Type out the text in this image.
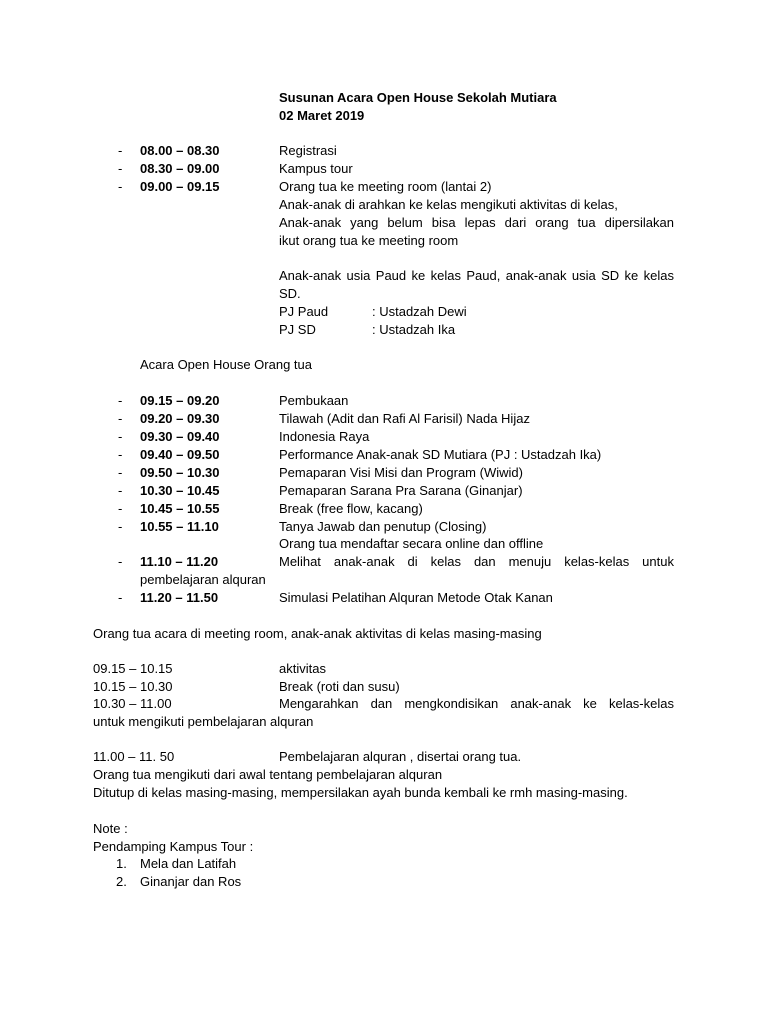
Susunan Acara Open House Sekolah Mutiara
02 Maret 2019
- 08.00 – 08.30	Registrasi
- 08.30 – 09.00	Kampus tour
- 09.00 – 09.15	Orang tua ke meeting room (lantai 2)
Anak-anak di arahkan ke kelas mengikuti aktivitas di kelas,
Anak-anak yang belum bisa lepas dari orang tua dipersilakan
ikut orang tua ke meeting room
Anak-anak usia Paud ke kelas Paud, anak-anak usia SD ke kelas
SD.
PJ Paud	: Ustadzah Dewi
PJ SD	: Ustadzah Ika
Acara Open House Orang tua
- 09.15 – 09.20	Pembukaan
- 09.20 – 09.30	Tilawah (Adit dan Rafi Al Farisil) Nada Hijaz
- 09.30 – 09.40	Indonesia Raya
- 09.40 – 09.50	Performance Anak-anak SD Mutiara (PJ : Ustadzah Ika)
- 09.50 – 10.30	Pemaparan Visi Misi dan Program (Wiwid)
- 10.30 – 10.45	Pemaparan Sarana Pra Sarana (Ginanjar)
- 10.45 – 10.55	Break (free flow, kacang)
- 10.55 – 11.10	Tanya Jawab dan penutup (Closing)
Orang tua mendaftar secara online dan offline
- 11.10 – 11.20	Melihat anak-anak di kelas dan menuju kelas-kelas untuk
pembelajaran alquran
- 11.20 – 11.50	Simulasi Pelatihan Alquran Metode Otak Kanan
Orang tua acara di meeting room, anak-anak aktivitas di kelas masing-masing
09.15 – 10.15	aktivitas
10.15 – 10.30	Break (roti dan susu)
10.30 – 11.00	Mengarahkan dan mengkondisikan anak-anak ke kelas-kelas
untuk mengikuti pembelajaran alquran
11.00 – 11. 50	Pembelajaran alquran , disertai orang tua.
Orang tua mengikuti dari awal tentang pembelajaran alquran
Ditutup di kelas masing-masing, mempersilakan ayah bunda kembali ke rmh masing-masing.
Note :
Pendamping Kampus Tour :
1. Mela dan Latifah
2. Ginanjar dan Ros
